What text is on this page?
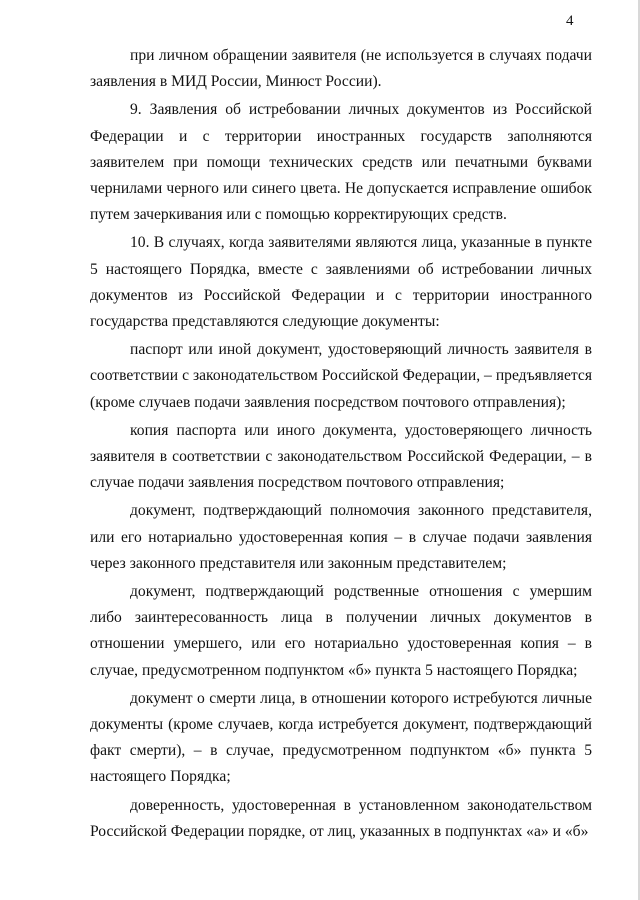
4

при личном обращении заявителя (не используется в случаях подачи заявления в МИД России, Минюст России).

9. Заявления об истребовании личных документов из Российской Федерации и с территории иностранных государств заполняются заявителем при помощи технических средств или печатными буквами чернилами черного или синего цвета. Не допускается исправление ошибок путем зачеркивания или с помощью корректирующих средств.

10. В случаях, когда заявителями являются лица, указанные в пункте 5 настоящего Порядка, вместе с заявлениями об истребовании личных документов из Российской Федерации и с территории иностранного государства представляются следующие документы:

паспорт или иной документ, удостоверяющий личность заявителя в соответствии с законодательством Российской Федерации, – предъявляется (кроме случаев подачи заявления посредством почтового отправления);

копия паспорта или иного документа, удостоверяющего личность заявителя в соответствии с законодательством Российской Федерации, – в случае подачи заявления посредством почтового отправления;

документ, подтверждающий полномочия законного представителя, или его нотариально удостоверенная копия – в случае подачи заявления через законного представителя или законным представителем;

документ, подтверждающий родственные отношения с умершим либо заинтересованность лица в получении личных документов в отношении умершего, или его нотариально удостоверенная копия – в случае, предусмотренном подпунктом «б» пункта 5 настоящего Порядка;

документ о смерти лица, в отношении которого истребуются личные документы (кроме случаев, когда истребуется документ, подтверждающий факт смерти), – в случае, предусмотренном подпунктом «б» пункта 5 настоящего Порядка;

доверенность, удостоверенная в установленном законодательством Российской Федерации порядке, от лиц, указанных в подпунктах «а» и «б»
